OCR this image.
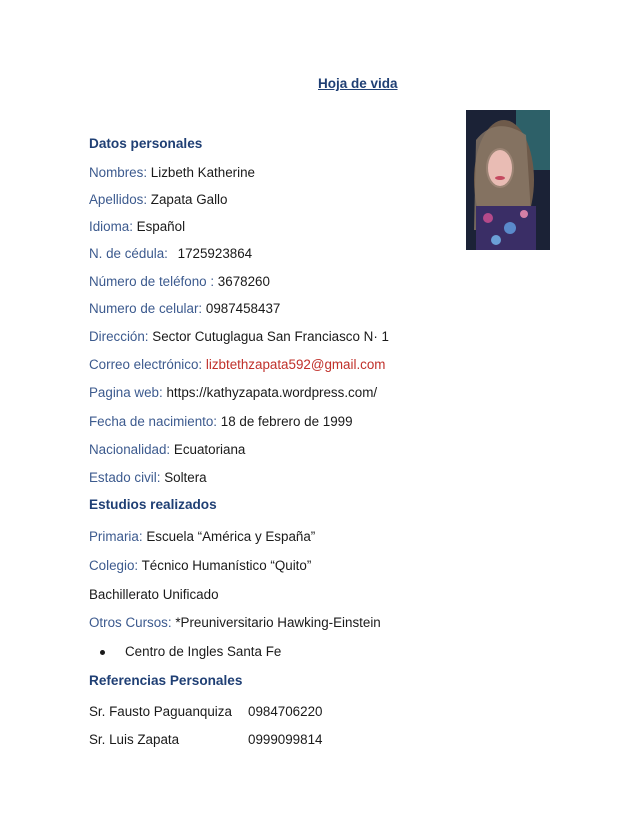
Hoja de vida
Datos personales
Nombres: Lizbeth Katherine
Apellidos: Zapata Gallo
Idioma: Español
N. de cédula: 1725923864
Número de teléfono : 3678260
Numero de celular: 0987458437
Dirección: Sector Cutuglagua San Franciasco N· 1
Correo electrónico: lizbtethzapata592@gmail.com
Pagina web: https://kathyzapata.wordpress.com/
Fecha de nacimiento: 18 de febrero de 1999
Nacionalidad: Ecuatoriana
Estado civil: Soltera
Estudios realizados
Primaria: Escuela “América y España”
Colegio: Técnico Humanístico “Quito”
Bachillerato Unificado
Otros Cursos: *Preuniversitario Hawking-Einstein
Centro de Ingles Santa Fe
Referencias Personales
Sr. Fausto Paguanquiza 0984706220
Sr. Luis Zapata	0999099814
